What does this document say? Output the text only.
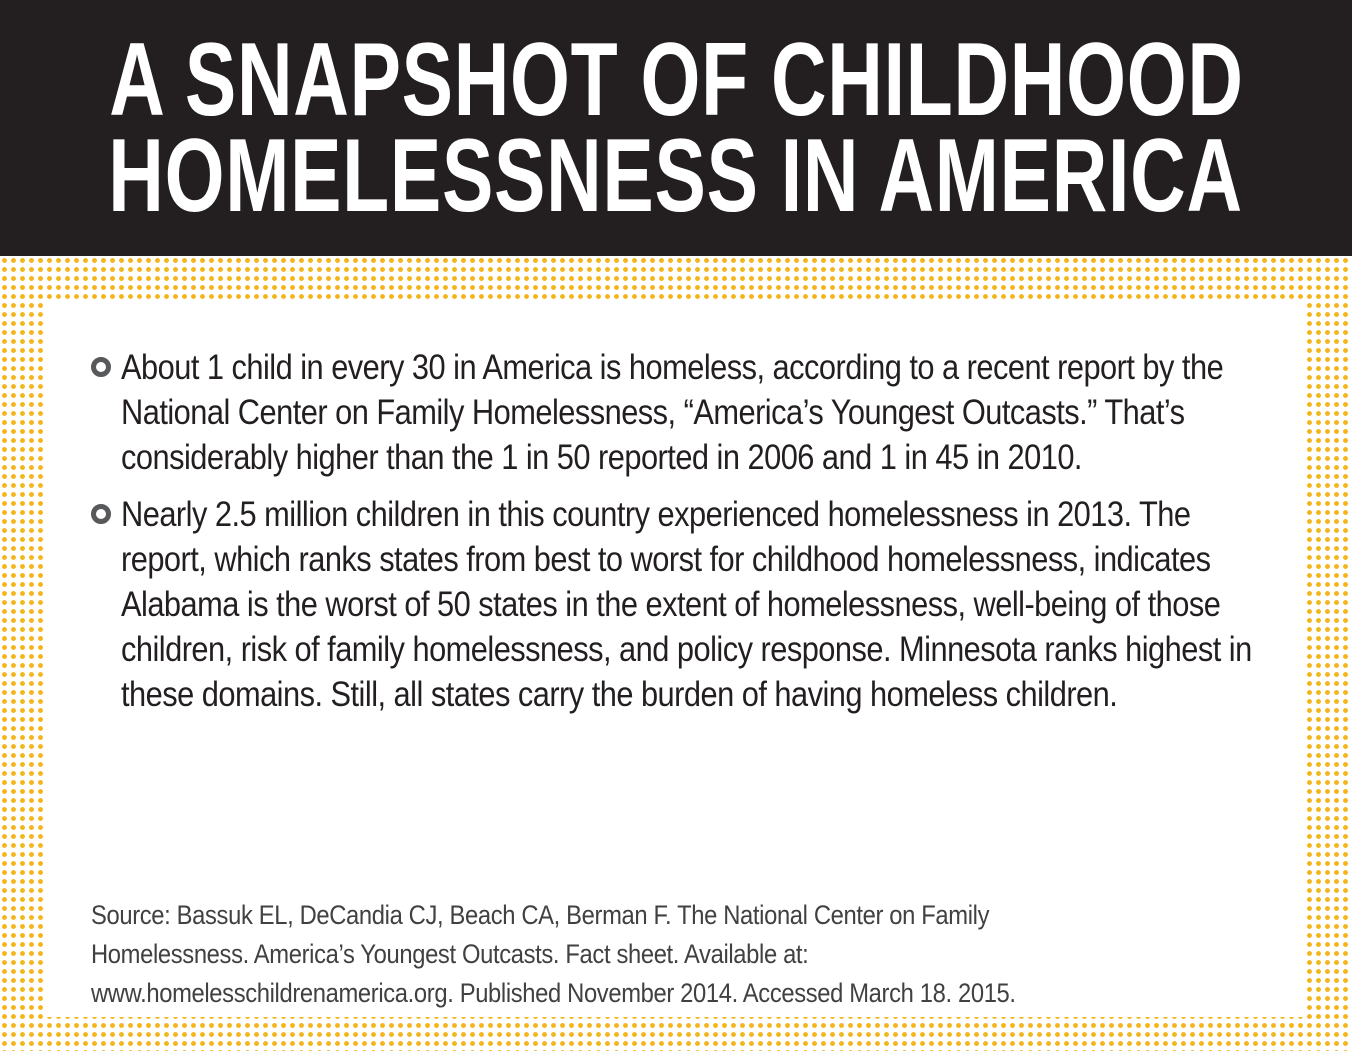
A SNAPSHOT OF CHILDHOOD
HOMELESSNESS IN AMERICA
About 1 child in every 30 in America is homeless, according to a recent report by the National Center on Family Homelessness, “America’s Youngest Outcasts.” That’s considerably higher than the 1 in 50 reported in 2006 and 1 in 45 in 2010.
Nearly 2.5 million children in this country experienced homelessness in 2013. The report, which ranks states from best to worst for childhood homelessness, indicates Alabama is the worst of 50 states in the extent of homelessness, well-being of those children, risk of family homelessness, and policy response. Minnesota ranks highest in these domains. Still, all states carry the burden of having homeless children.

Source: Bassuk EL, DeCandia CJ, Beach CA, Berman F. The National Center on Family
Homelessness. America’s Youngest Outcasts. Fact sheet. Available at:
www.homelesschildrenamerica.org. Published November 2014. Accessed March 18. 2015.
